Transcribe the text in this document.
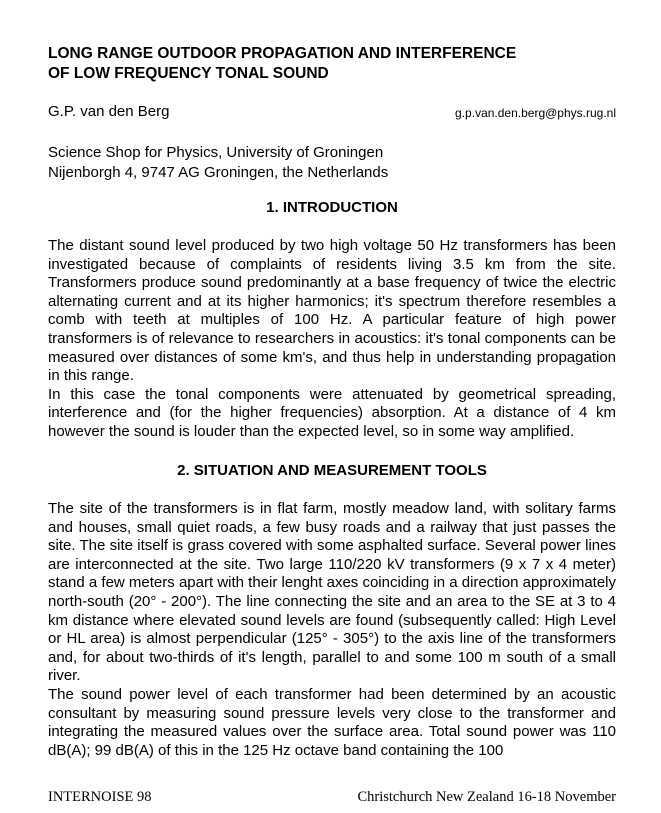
LONG RANGE OUTDOOR PROPAGATION AND INTERFERENCE
OF LOW FREQUENCY TONAL SOUND
G.P. van den Berg	g.p.van.den.berg@phys.rug.nl
Science Shop for Physics, University of Groningen
Nijenborgh 4, 9747 AG Groningen, the Netherlands
1. INTRODUCTION

The distant sound level produced by two high voltage 50 Hz transformers has been investigated because of complaints of residents living 3.5 km from the site. Transformers produce sound predominantly at a base frequency of twice the electric alternating current and at its higher harmonics; it's spectrum therefore resembles a comb with teeth at multiples of 100 Hz. A particular feature of high power transformers is of relevance to researchers in acoustics: it's tonal components can be measured over distances of some km's, and thus help in understanding propagation in this range.

In this case the tonal components were attenuated by geometrical spreading, interference and (for the higher frequencies) absorption. At a distance of 4 km however the sound is louder than the expected level, so in some way amplified.

2. SITUATION AND MEASUREMENT TOOLS

The site of the transformers is in flat farm, mostly meadow land, with solitary farms and houses, small quiet roads, a few busy roads and a railway that just passes the site. The site itself is grass covered with some asphalted surface. Several power lines are interconnected at the site. Two large 110/220 kV transformers (9 x 7 x 4 meter) stand a few meters apart with their lenght axes coinciding in a direction approximately north-south (20° - 200°). The line connecting the site and an area to the SE at 3 to 4 km distance where elevated sound levels are found (subsequently called: High Level or HL area) is almost perpendicular (125° - 305°) to the axis line of the transformers and, for about two-thirds of it's length, parallel to and some 100 m south of a small river.

The sound power level of each transformer had been determined by an acoustic consultant by measuring sound pressure levels very close to the transformer and integrating the measured values over the surface area. Total sound power was 110 dB(A); 99 dB(A) of this in the 125 Hz octave band containing the 100

INTERNOISE 98	Christchurch New Zealand 16-18 November
